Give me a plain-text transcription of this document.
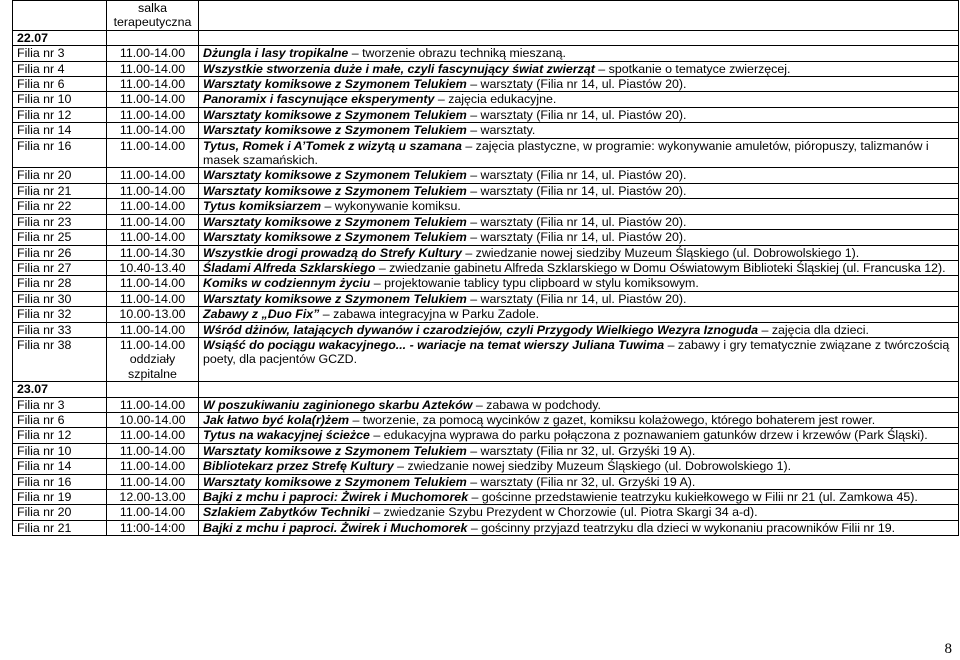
	salka terapeutyczna	
22.07		
Filia nr 3	11.00-14.00	Dżungla i lasy tropikalne – tworzenie obrazu techniką mieszaną.
Filia nr 4	11.00-14.00	Wszystkie stworzenia duże i małe, czyli fascynujący świat zwierząt – spotkanie o tematyce zwierzęcej.
Filia nr 6	11.00-14.00	Warsztaty komiksowe z Szymonem Telukiem – warsztaty (Filia nr 14, ul. Piastów 20).
Filia nr 10	11.00-14.00	Panoramix i fascynujące eksperymenty – zajęcia edukacyjne.
Filia nr 12	11.00-14.00	Warsztaty komiksowe z Szymonem Telukiem – warsztaty (Filia nr 14, ul. Piastów 20).
Filia nr 14	11.00-14.00	Warsztaty komiksowe z Szymonem Telukiem – warsztaty.
Filia nr 16	11.00-14.00	Tytus, Romek i A’Tomek z wizytą u szamana – zajęcia plastyczne, w programie: wykonywanie amuletów, pióropuszy, talizmanów i masek szamańskich.
Filia nr 20	11.00-14.00	Warsztaty komiksowe z Szymonem Telukiem – warsztaty (Filia nr 14, ul. Piastów 20).
Filia nr 21	11.00-14.00	Warsztaty komiksowe z Szymonem Telukiem – warsztaty (Filia nr 14, ul. Piastów 20).
Filia nr 22	11.00-14.00	Tytus komiksiarzem – wykonywanie komiksu.
Filia nr 23	11.00-14.00	Warsztaty komiksowe z Szymonem Telukiem – warsztaty (Filia nr 14, ul. Piastów 20).
Filia nr 25	11.00-14.00	Warsztaty komiksowe z Szymonem Telukiem – warsztaty (Filia nr 14, ul. Piastów 20).
Filia nr 26	11.00-14.30	Wszystkie drogi prowadzą do Strefy Kultury – zwiedzanie nowej siedziby Muzeum Śląskiego (ul. Dobrowolskiego 1).
Filia nr 27	10.40-13.40	Śladami Alfreda Szklarskiego – zwiedzanie gabinetu Alfreda Szklarskiego w Domu Oświatowym Biblioteki Śląskiej (ul. Francuska 12).
Filia nr 28	11.00-14.00	Komiks w codziennym życiu – projektowanie tablicy typu clipboard w stylu komiksowym.
Filia nr 30	11.00-14.00	Warsztaty komiksowe z Szymonem Telukiem – warsztaty (Filia nr 14, ul. Piastów 20).
Filia nr 32	10.00-13.00	Zabawy z „Duo Fix” – zabawa integracyjna w Parku Zadole.
Filia nr 33	11.00-14.00	Wśród dżinów, latających dywanów i czarodziejów, czyli Przygody Wielkiego Wezyra Iznoguda – zajęcia dla dzieci.
Filia nr 38	11.00-14.00 oddziały szpitalne	Wsiąść do pociągu wakacyjnego... - wariacje na temat wierszy Juliana Tuwima – zabawy i gry tematycznie związane z twórczością poety, dla pacjentów GCZD.
23.07		
Filia nr 3	11.00-14.00	W poszukiwaniu zaginionego skarbu Azteków – zabawa w podchody.
Filia nr 6	10.00-14.00	Jak łatwo być kola(r)żem – tworzenie, za pomocą wycinków z gazet, komiksu kolażowego, którego bohaterem jest rower.
Filia nr 12	11.00-14.00	Tytus na wakacyjnej ścieżce – edukacyjna wyprawa do parku połączona z poznawaniem gatunków drzew i krzewów (Park Śląski).
Filia nr 10	11.00-14.00	Warsztaty komiksowe z Szymonem Telukiem – warsztaty (Filia nr 32, ul. Grzyśki 19 A).
Filia nr 14	11.00-14.00	Bibliotekarz przez Strefę Kultury – zwiedzanie nowej siedziby Muzeum Śląskiego (ul. Dobrowolskiego 1).
Filia nr 16	11.00-14.00	Warsztaty komiksowe z Szymonem Telukiem – warsztaty (Filia nr 32, ul. Grzyśki 19 A).
Filia nr 19	12.00-13.00	Bajki z mchu i paproci: Żwirek i Muchomorek – gościnne przedstawienie teatrzyku kukiełkowego w Filii nr 21 (ul. Zamkowa 45).
Filia nr 20	11.00-14.00	Szlakiem Zabytków Techniki – zwiedzanie Szybu Prezydent w Chorzowie (ul. Piotra Skargi 34 a-d).
Filia nr 21	11:00-14:00	Bajki z mchu i paproci. Żwirek i Muchomorek – gościnny przyjazd teatrzyku dla dzieci w wykonaniu pracowników Filii nr 19.
8
